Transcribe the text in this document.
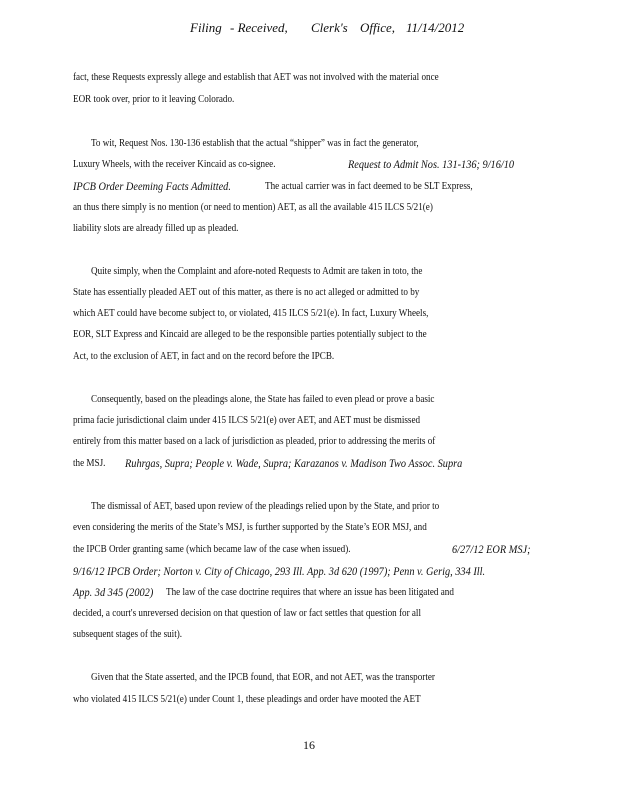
Filing

- Received,

Clerk's

Office,

11/14/2012

fact, these Requests expressly allege and establish that AET was not involved with the material once
EOR took over, prior to it leaving Colorado.
To wit, Request Nos. 130-136 establish that the actual “shipper” was in fact the generator,
Luxury Wheels, with the receiver Kincaid as co-signee.	Request to Admit Nos. 131-136; 9/16/10
IPCB Order Deeming Facts Admitted.	The actual carrier was in fact deemed to be SLT Express,
an thus there simply is no mention (or need to mention) AET, as all the available 415 ILCS 5/21(e)
liability slots are already filled up as pleaded.
Quite simply, when the Complaint and afore-noted Requests to Admit are taken in toto, the
State has essentially pleaded AET out of this matter, as there is no act alleged or admitted to by
which AET could have become subject to, or violated, 415 ILCS 5/21(e). In fact, Luxury Wheels,
EOR, SLT Express and Kincaid are alleged to be the responsible parties potentially subject to the
Act, to the exclusion of AET, in fact and on the record before the IPCB.
Consequently, based on the pleadings alone, the State has failed to even plead or prove a basic
prima facie jurisdictional claim under 415 ILCS 5/21(e) over AET, and AET must be dismissed
entirely from this matter based on a lack of jurisdiction as pleaded, prior to addressing the merits of
the MSJ. Ruhrgas, Supra; People v. Wade, Supra; Karazanos v. Madison Two Assoc. Supra
The dismissal of AET, based upon review of the pleadings relied upon by the State, and prior to
even considering the merits of the State’s MSJ, is further supported by the State’s EOR MSJ, and
the IPCB Order granting same (which became law of the case when issued).	6/27/12 EOR MSJ;
9/16/12 IPCB Order; Norton v. City of Chicago, 293 Ill. App. 3d 620 (1997); Penn v. Gerig, 334 Ill.
App. 3d 345 (2002) The law of the case doctrine requires that where an issue has been litigated and
decided, a court's unreversed decision on that question of law or fact settles that question for all
subsequent stages of the suit).
Given that the State asserted, and the IPCB found, that EOR, and not AET, was the transporter
who violated 415 ILCS 5/21(e) under Count 1, these pleadings and order have mooted the AET
16
